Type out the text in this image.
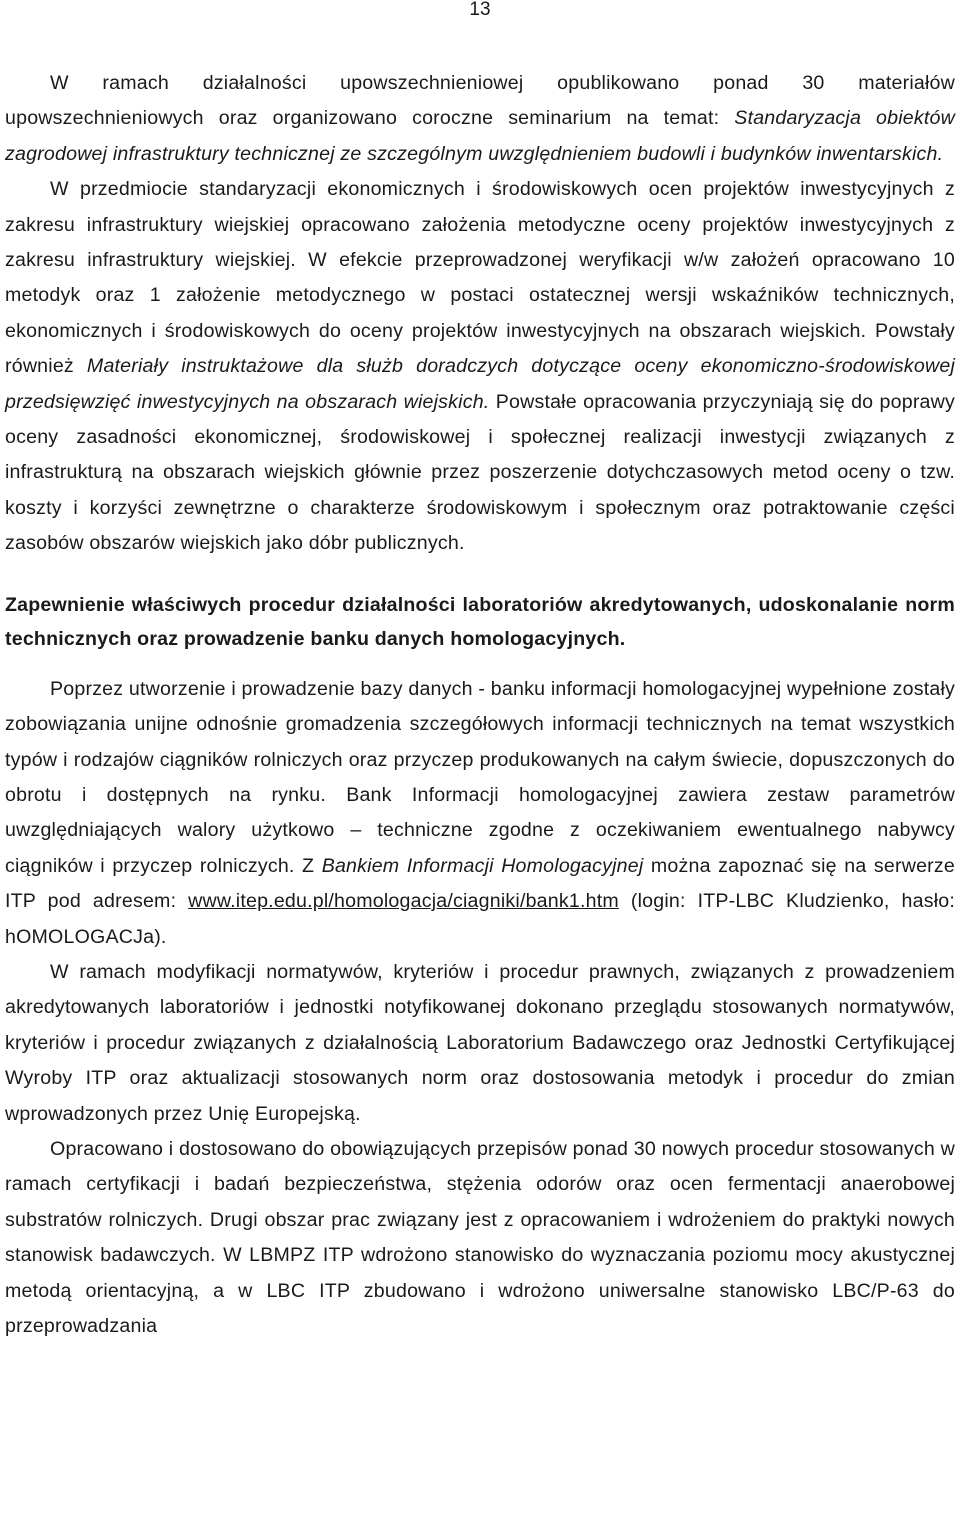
13

W ramach działalności upowszechnieniowej opublikowano ponad 30 materiałów upowszechnieniowych oraz organizowano coroczne seminarium na temat: Standaryzacja obiektów zagrodowej infrastruktury technicznej ze szczególnym uwzględnieniem budowli i budynków inwentarskich.

W przedmiocie standaryzacji ekonomicznych i środowiskowych ocen projektów inwestycyjnych z zakresu infrastruktury wiejskiej opracowano założenia metodyczne oceny projektów inwestycyjnych z zakresu infrastruktury wiejskiej. W efekcie przeprowadzonej weryfikacji w/w założeń opracowano 10 metodyk oraz 1 założenie metodycznego w postaci ostatecznej wersji wskaźników technicznych, ekonomicznych i środowiskowych do oceny projektów inwestycyjnych na obszarach wiejskich. Powstały również Materiały instruktażowe dla służb doradczych dotyczące oceny ekonomiczno-środowiskowej przedsięwzięć inwestycyjnych na obszarach wiejskich. Powstałe opracowania przyczyniają się do poprawy oceny zasadności ekonomicznej, środowiskowej i społecznej realizacji inwestycji związanych z infrastrukturą na obszarach wiejskich głównie przez poszerzenie dotychczasowych metod oceny o tzw. koszty i korzyści zewnętrzne o charakterze środowiskowym i społecznym oraz potraktowanie części zasobów obszarów wiejskich jako dóbr publicznych.

Zapewnienie właściwych procedur działalności laboratoriów akredytowanych, udoskonalanie norm technicznych oraz prowadzenie banku danych homologacyjnych.

Poprzez utworzenie i prowadzenie bazy danych - banku informacji homologacyjnej wypełnione zostały zobowiązania unijne odnośnie gromadzenia szczegółowych informacji technicznych na temat wszystkich typów i rodzajów ciągników rolniczych oraz przyczep produkowanych na całym świecie, dopuszczonych do obrotu i dostępnych na rynku. Bank Informacji homologacyjnej zawiera zestaw parametrów uwzględniających walory użytkowo – techniczne zgodne z oczekiwaniem ewentualnego nabywcy ciągników i przyczep rolniczych. Z Bankiem Informacji Homologacyjnej można zapoznać się na serwerze ITP pod adresem: www.itep.edu.pl/homologacja/ciagniki/bank1.htm (login: ITP-LBC Kludzienko, hasło: hOMOLOGACJa).

W ramach modyfikacji normatywów, kryteriów i procedur prawnych, związanych z prowadzeniem akredytowanych laboratoriów i jednostki notyfikowanej dokonano przeglądu stosowanych normatywów, kryteriów i procedur związanych z działalnością Laboratorium Badawczego oraz Jednostki Certyfikującej Wyroby ITP oraz aktualizacji stosowanych norm oraz dostosowania metodyk i procedur do zmian wprowadzonych przez Unię Europejską.

Opracowano i dostosowano do obowiązujących przepisów ponad 30 nowych procedur stosowanych w ramach certyfikacji i badań bezpieczeństwa, stężenia odorów oraz ocen fermentacji anaerobowej substratów rolniczych. Drugi obszar prac związany jest z opracowaniem i wdrożeniem do praktyki nowych stanowisk badawczych. W LBMPZ ITP wdrożono stanowisko do wyznaczania poziomu mocy akustycznej metodą orientacyjną, a w LBC ITP zbudowano i wdrożono uniwersalne stanowisko LBC/P-63 do przeprowadzania
